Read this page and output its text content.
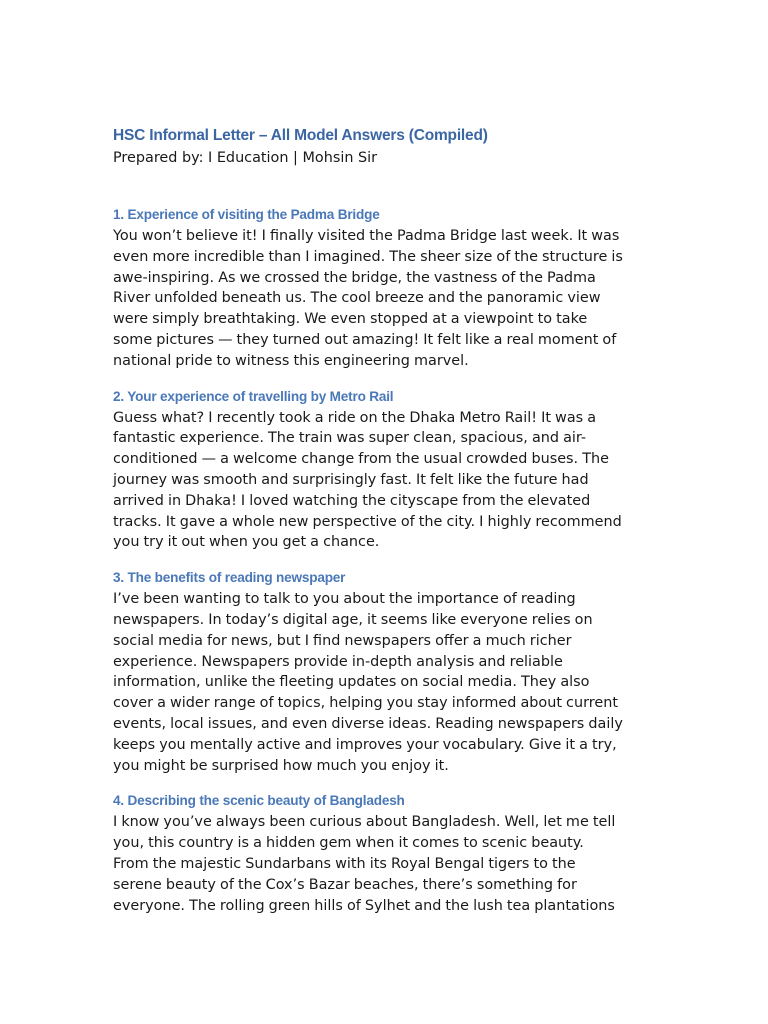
HSC Informal Letter – All Model Answers (Compiled)

Prepared by: I Education | Mohsin Sir

1. Experience of visiting the Padma Bridge

You won’t believe it! I finally visited the Padma Bridge last week. It was
even more incredible than I imagined. The sheer size of the structure is
awe-inspiring. As we crossed the bridge, the vastness of the Padma
River unfolded beneath us. The cool breeze and the panoramic view
were simply breathtaking. We even stopped at a viewpoint to take
some pictures — they turned out amazing! It felt like a real moment of
national pride to witness this engineering marvel.

2. Your experience of travelling by Metro Rail

Guess what? I recently took a ride on the Dhaka Metro Rail! It was a
fantastic experience. The train was super clean, spacious, and air-
conditioned — a welcome change from the usual crowded buses. The
journey was smooth and surprisingly fast. It felt like the future had
arrived in Dhaka! I loved watching the cityscape from the elevated
tracks. It gave a whole new perspective of the city. I highly recommend
you try it out when you get a chance.

3. The benefits of reading newspaper

I’ve been wanting to talk to you about the importance of reading
newspapers. In today’s digital age, it seems like everyone relies on
social media for news, but I find newspapers offer a much richer
experience. Newspapers provide in-depth analysis and reliable
information, unlike the fleeting updates on social media. They also
cover a wider range of topics, helping you stay informed about current
events, local issues, and even diverse ideas. Reading newspapers daily
keeps you mentally active and improves your vocabulary. Give it a try,
you might be surprised how much you enjoy it.

4. Describing the scenic beauty of Bangladesh

I know you’ve always been curious about Bangladesh. Well, let me tell
you, this country is a hidden gem when it comes to scenic beauty.
From the majestic Sundarbans with its Royal Bengal tigers to the
serene beauty of the Cox’s Bazar beaches, there’s something for
everyone. The rolling green hills of Sylhet and the lush tea plantations
